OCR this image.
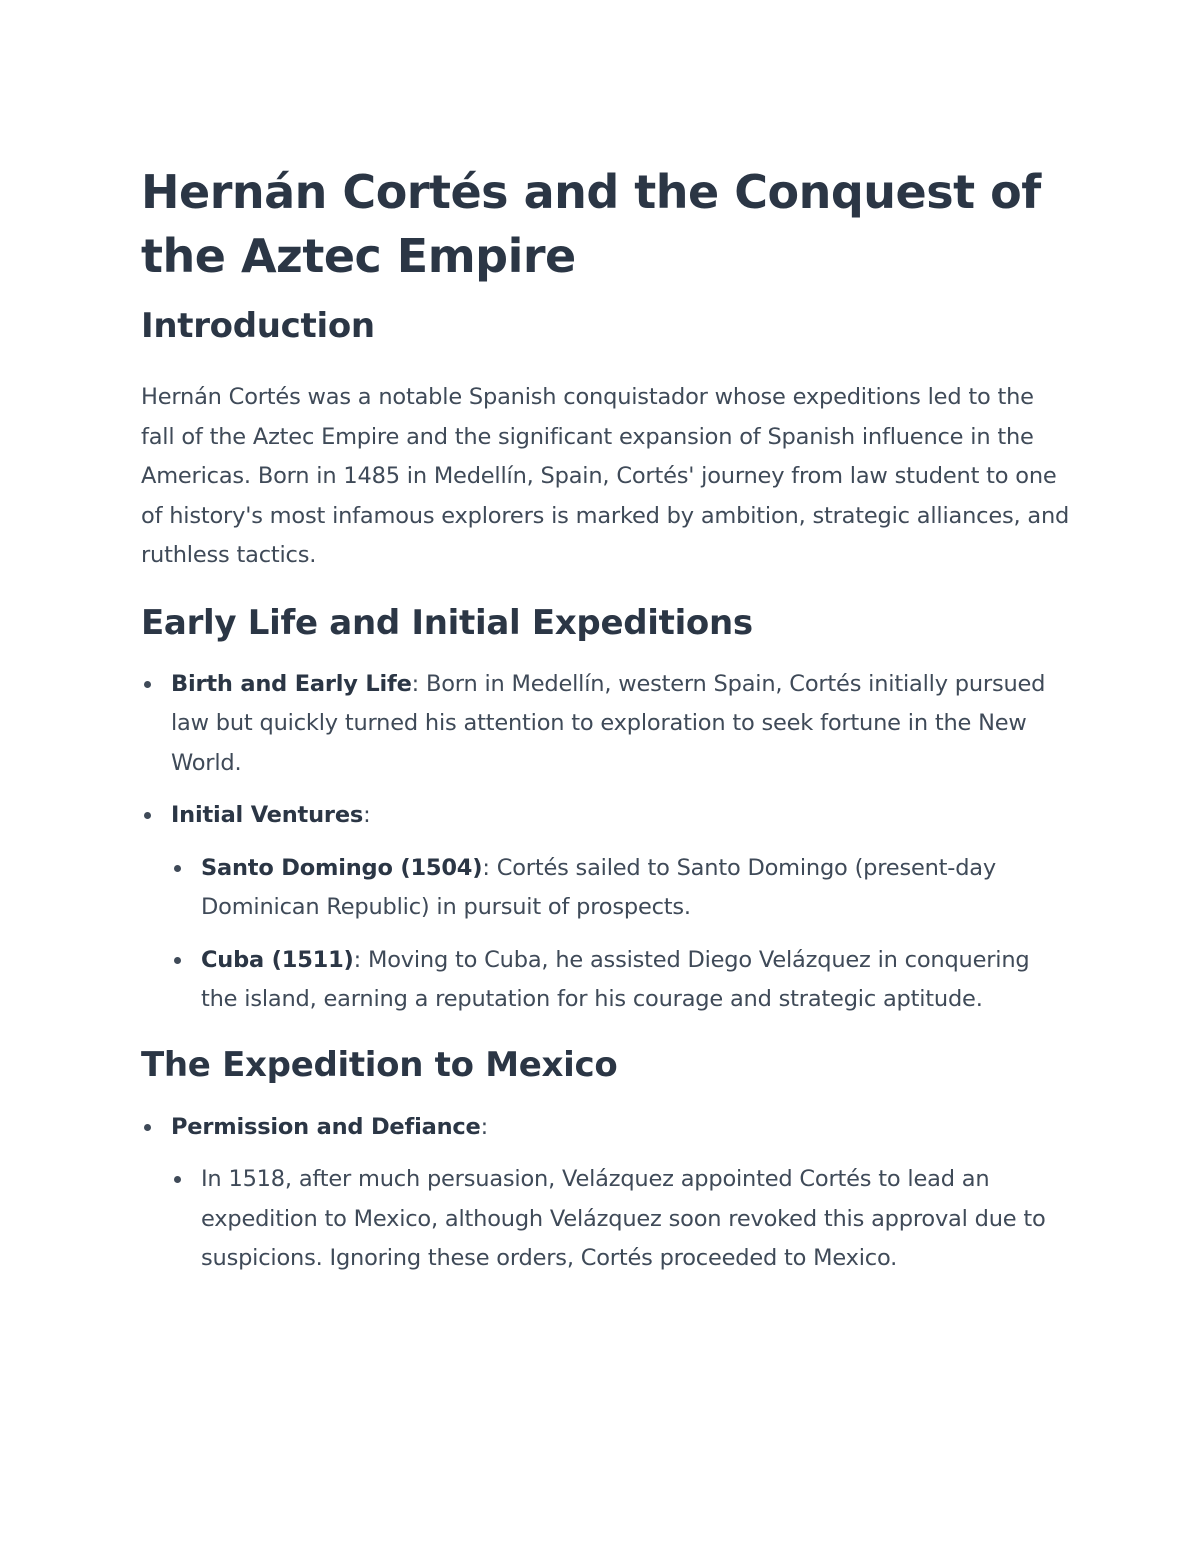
Hernán Cortés and the Conquest of the Aztec Empire
Introduction

Hernán Cortés was a notable Spanish conquistador whose expeditions led to the fall of the Aztec Empire and the significant expansion of Spanish influence in the Americas. Born in 1485 in Medellín, Spain, Cortés' journey from law student to one of history's most infamous explorers is marked by ambition, strategic alliances, and ruthless tactics.

Early Life and Initial Expeditions
Birth and Early Life: Born in Medellín, western Spain, Cortés initially pursued law but quickly turned his attention to exploration to seek fortune in the New World.
Initial Ventures:
Santo Domingo (1504): Cortés sailed to Santo Domingo (present-day Dominican Republic) in pursuit of prospects.
Cuba (1511): Moving to Cuba, he assisted Diego Velázquez in conquering the island, earning a reputation for his courage and strategic aptitude.
The Expedition to Mexico
Permission and Defiance:
In 1518, after much persuasion, Velázquez appointed Cortés to lead an expedition to Mexico, although Velázquez soon revoked this approval due to suspicions. Ignoring these orders, Cortés proceeded to Mexico.
